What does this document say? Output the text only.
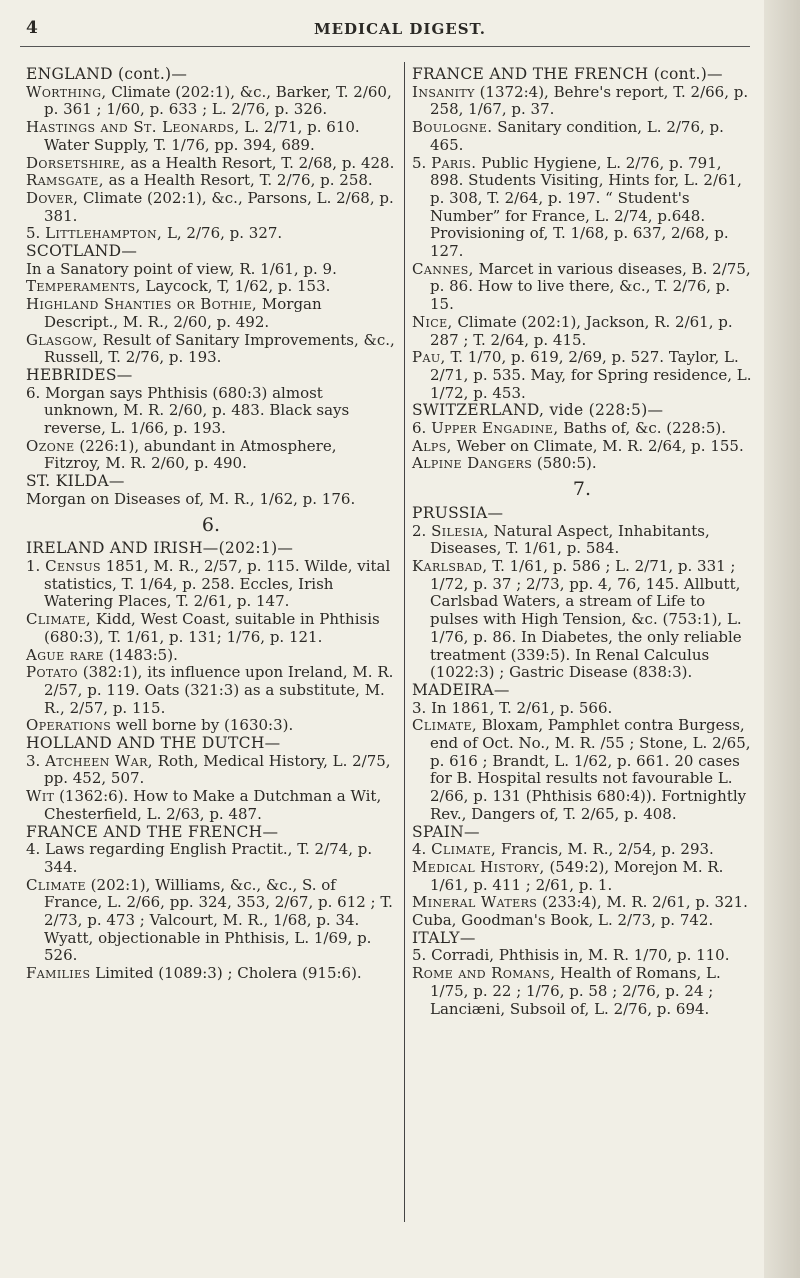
4	MEDICAL DIGEST.
ENGLAND (cont.)—
Worthing, Climate (202:1), &c., Barker, T. 2/60, p. 361 ; 1/60, p. 633 ; L. 2/76, p. 326.
Hastings and St. Leonards, L. 2/71, p. 610. Water Supply, T. 1/76, pp. 394, 689.
Dorsetshire, as a Health Resort, T. 2/68, p. 428.
Ramsgate, as a Health Resort, T. 2/76, p. 258.
Dover, Climate (202:1), &c., Parsons, L. 2/68, p. 381.
5. Littlehampton, L, 2/76, p. 327.
SCOTLAND—
In a Sanatory point of view, R. 1/61, p. 9.
Temperaments, Laycock, T, 1/62, p. 153.
Highland Shanties or Bothie, Morgan Descript., M. R., 2/60, p. 492.
Glasgow, Result of Sanitary Improvements, &c., Russell, T. 2/76, p. 193.
HEBRIDES—
6. Morgan says Phthisis (680:3) almost unknown, M. R. 2/60, p. 483. Black says reverse, L. 1/66, p. 193.
Ozone (226:1), abundant in Atmosphere, Fitzroy, M. R. 2/60, p. 490.
ST. KILDA—
Morgan on Diseases of, M. R., 1/62, p. 176.
6.
IRELAND AND IRISH—(202:1)—
1. Census 1851, M. R., 2/57, p. 115. Wilde, vital statistics, T. 1/64, p. 258. Eccles, Irish Watering Places, T. 2/61, p. 147.
Climate, Kidd, West Coast, suitable in Phthisis (680:3), T. 1/61, p. 131; 1/76, p. 121.
Ague rare (1483:5).
Potato (382:1), its influence upon Ireland, M. R. 2/57, p. 119. Oats (321:3) as a substitute, M. R., 2/57, p. 115.
Operations well borne by (1630:3).
HOLLAND AND THE DUTCH—
3. Atcheen War, Roth, Medical History, L. 2/75, pp. 452, 507.
Wit (1362:6). How to Make a Dutchman a Wit, Chesterfield, L. 2/63, p. 487.
FRANCE AND THE FRENCH—
4. Laws regarding English Practit., T. 2/74, p. 344.
Climate (202:1), Williams, &c., &c., S. of France, L. 2/66, pp. 324, 353, 2/67, p. 612 ; T. 2/73, p. 473 ; Valcourt, M. R., 1/68, p. 34. Wyatt, objectionable in Phthisis, L. 1/69, p. 526.
Families Limited (1089:3) ; Cholera (915:6).
FRANCE AND THE FRENCH (cont.)—
Insanity (1372:4), Behre's report, T. 2/66, p. 258, 1/67, p. 37.
Boulogne. Sanitary condition, L. 2/76, p. 465.
5. Paris. Public Hygiene, L. 2/76, p. 791, 898. Students Visiting, Hints for, L. 2/61, p. 308, T. 2/64, p. 197. “ Student's Number” for France, L. 2/74, p.648. Provisioning of, T. 1/68, p. 637, 2/68, p. 127.
Cannes, Marcet in various diseases, B. 2/75, p. 86. How to live there, &c., T. 2/76, p. 15.
Nice, Climate (202:1), Jackson, R. 2/61, p. 287 ; T. 2/64, p. 415.
Pau, T. 1/70, p. 619, 2/69, p. 527. Taylor, L. 2/71, p. 535. May, for Spring residence, L. 1/72, p. 453.
SWITZERLAND, vide (228:5)—
6. Upper Engadine, Baths of, &c. (228:5).
Alps, Weber on Climate, M. R. 2/64, p. 155.
Alpine Dangers (580:5).
7.
PRUSSIA—
2. Silesia, Natural Aspect, Inhabitants, Diseases, T. 1/61, p. 584.
Karlsbad, T. 1/61, p. 586 ; L. 2/71, p. 331 ; 1/72, p. 37 ; 2/73, pp. 4, 76, 145. Allbutt, Carlsbad Waters, a stream of Life to pulses with High Tension, &c. (753:1), L. 1/76, p. 86. In Diabetes, the only reliable treatment (339:5). In Renal Calculus (1022:3) ; Gastric Disease (838:3).
MADEIRA—
3. In 1861, T. 2/61, p. 566.
Climate, Bloxam, Pamphlet contra Burgess, end of Oct. No., M. R. /55 ; Stone, L. 2/65, p. 616 ; Brandt, L. 1/62, p. 661. 20 cases for B. Hospital results not favourable L. 2/66, p. 131 (Phthisis 680:4)). Fortnightly Rev., Dangers of, T. 2/65, p. 408.
SPAIN—
4. Climate, Francis, M. R., 2/54, p. 293.
Medical History, (549:2), Morejon M. R. 1/61, p. 411 ; 2/61, p. 1.
Mineral Waters (233:4), M. R. 2/61, p. 321.
Cuba, Goodman's Book, L. 2/73, p. 742.
ITALY—
5. Corradi, Phthisis in, M. R. 1/70, p. 110.
Rome and Romans, Health of Romans, L. 1/75, p. 22 ; 1/76, p. 58 ; 2/76, p. 24 ; Lanciæni, Subsoil of, L. 2/76, p. 694.
